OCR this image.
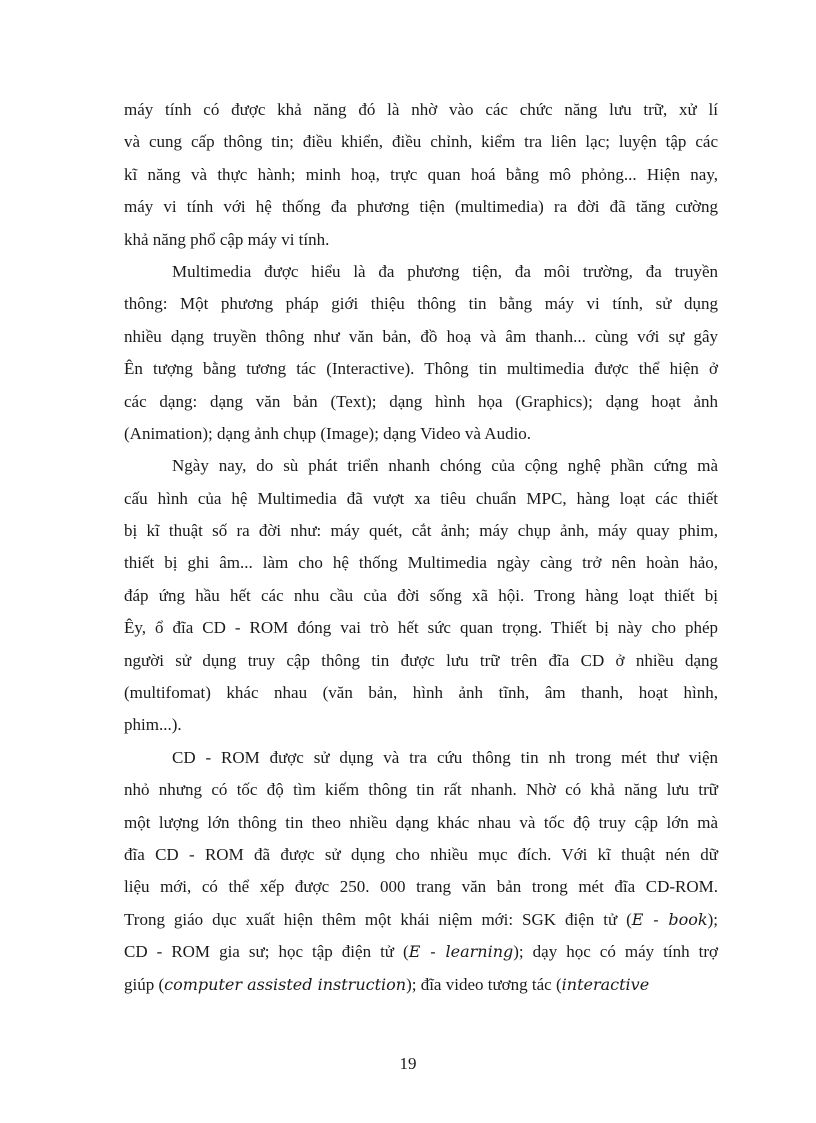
máy tính có được khả năng đó là nhờ vào các chức năng lưu trữ, xử lí
và cung cấp thông tin; điều khiển, điều chỉnh, kiểm tra liên lạc; luyện tập các
kĩ năng và thực hành; minh hoạ, trực quan hoá bằng mô phỏng... Hiện nay,
máy vi tính với hệ thống đa phương tiện (multimedia) ra đời đã tăng cường
khả năng phổ cập máy vi tính.
Multimedia được hiểu là đa phương tiện, đa môi trường, đa truyền
thông: Một phương pháp giới thiệu thông tin bằng máy vi tính, sử dụng
nhiều dạng truyền thông như văn bản, đồ hoạ và âm thanh... cùng với sự gây
Ên tượng bằng tương tác (Interactive). Thông tin multimedia được thể hiện ở
các dạng: dạng văn bản (Text); dạng hình họa (Graphics); dạng hoạt ảnh
(Animation); dạng ảnh chụp (Image); dạng Video và Audio.
Ngày nay, do sù phát triển nhanh chóng của cộng nghệ phần cứng mà
cấu hình của hệ Multimedia đã vượt xa tiêu chuẩn MPC, hàng loạt các thiết
bị kĩ thuật số ra đời như: máy quét, cắt ảnh; máy chụp ảnh, máy quay phim,
thiết bị ghi âm... làm cho hệ thống Multimedia ngày càng trở nên hoàn hảo,
đáp ứng hầu hết các nhu cầu của đời sống xã hội. Trong hàng loạt thiết bị
Êy, ổ đĩa CD - ROM đóng vai trò hết sức quan trọng. Thiết bị này cho phép
người sử dụng truy cập thông tin được lưu trữ trên đĩa CD ở nhiều dạng
(multifomat) khác nhau (văn bản, hình ảnh tĩnh, âm thanh, hoạt hình,
phim...).
CD - ROM được sử dụng và tra cứu thông tin nh trong mét thư viện
nhỏ nhưng có tốc độ tìm kiếm thông tin rất nhanh. Nhờ có khả năng lưu trữ
một lượng lớn thông tin theo nhiều dạng khác nhau và tốc độ truy cập lớn mà
đĩa CD - ROM đã được sử dụng cho nhiều mục đích. Với kĩ thuật nén dữ
liệu mới, có thể xếp được 250. 000 trang văn bản trong mét đĩa CD-ROM.
Trong giáo dục xuất hiện thêm một khái niệm mới: SGK điện tử (E - book);
CD - ROM gia sư; học tập điện tử (E - learning); dạy học có máy tính trợ
giúp (computer assisted instruction); đĩa video tương tác (interactive
19
